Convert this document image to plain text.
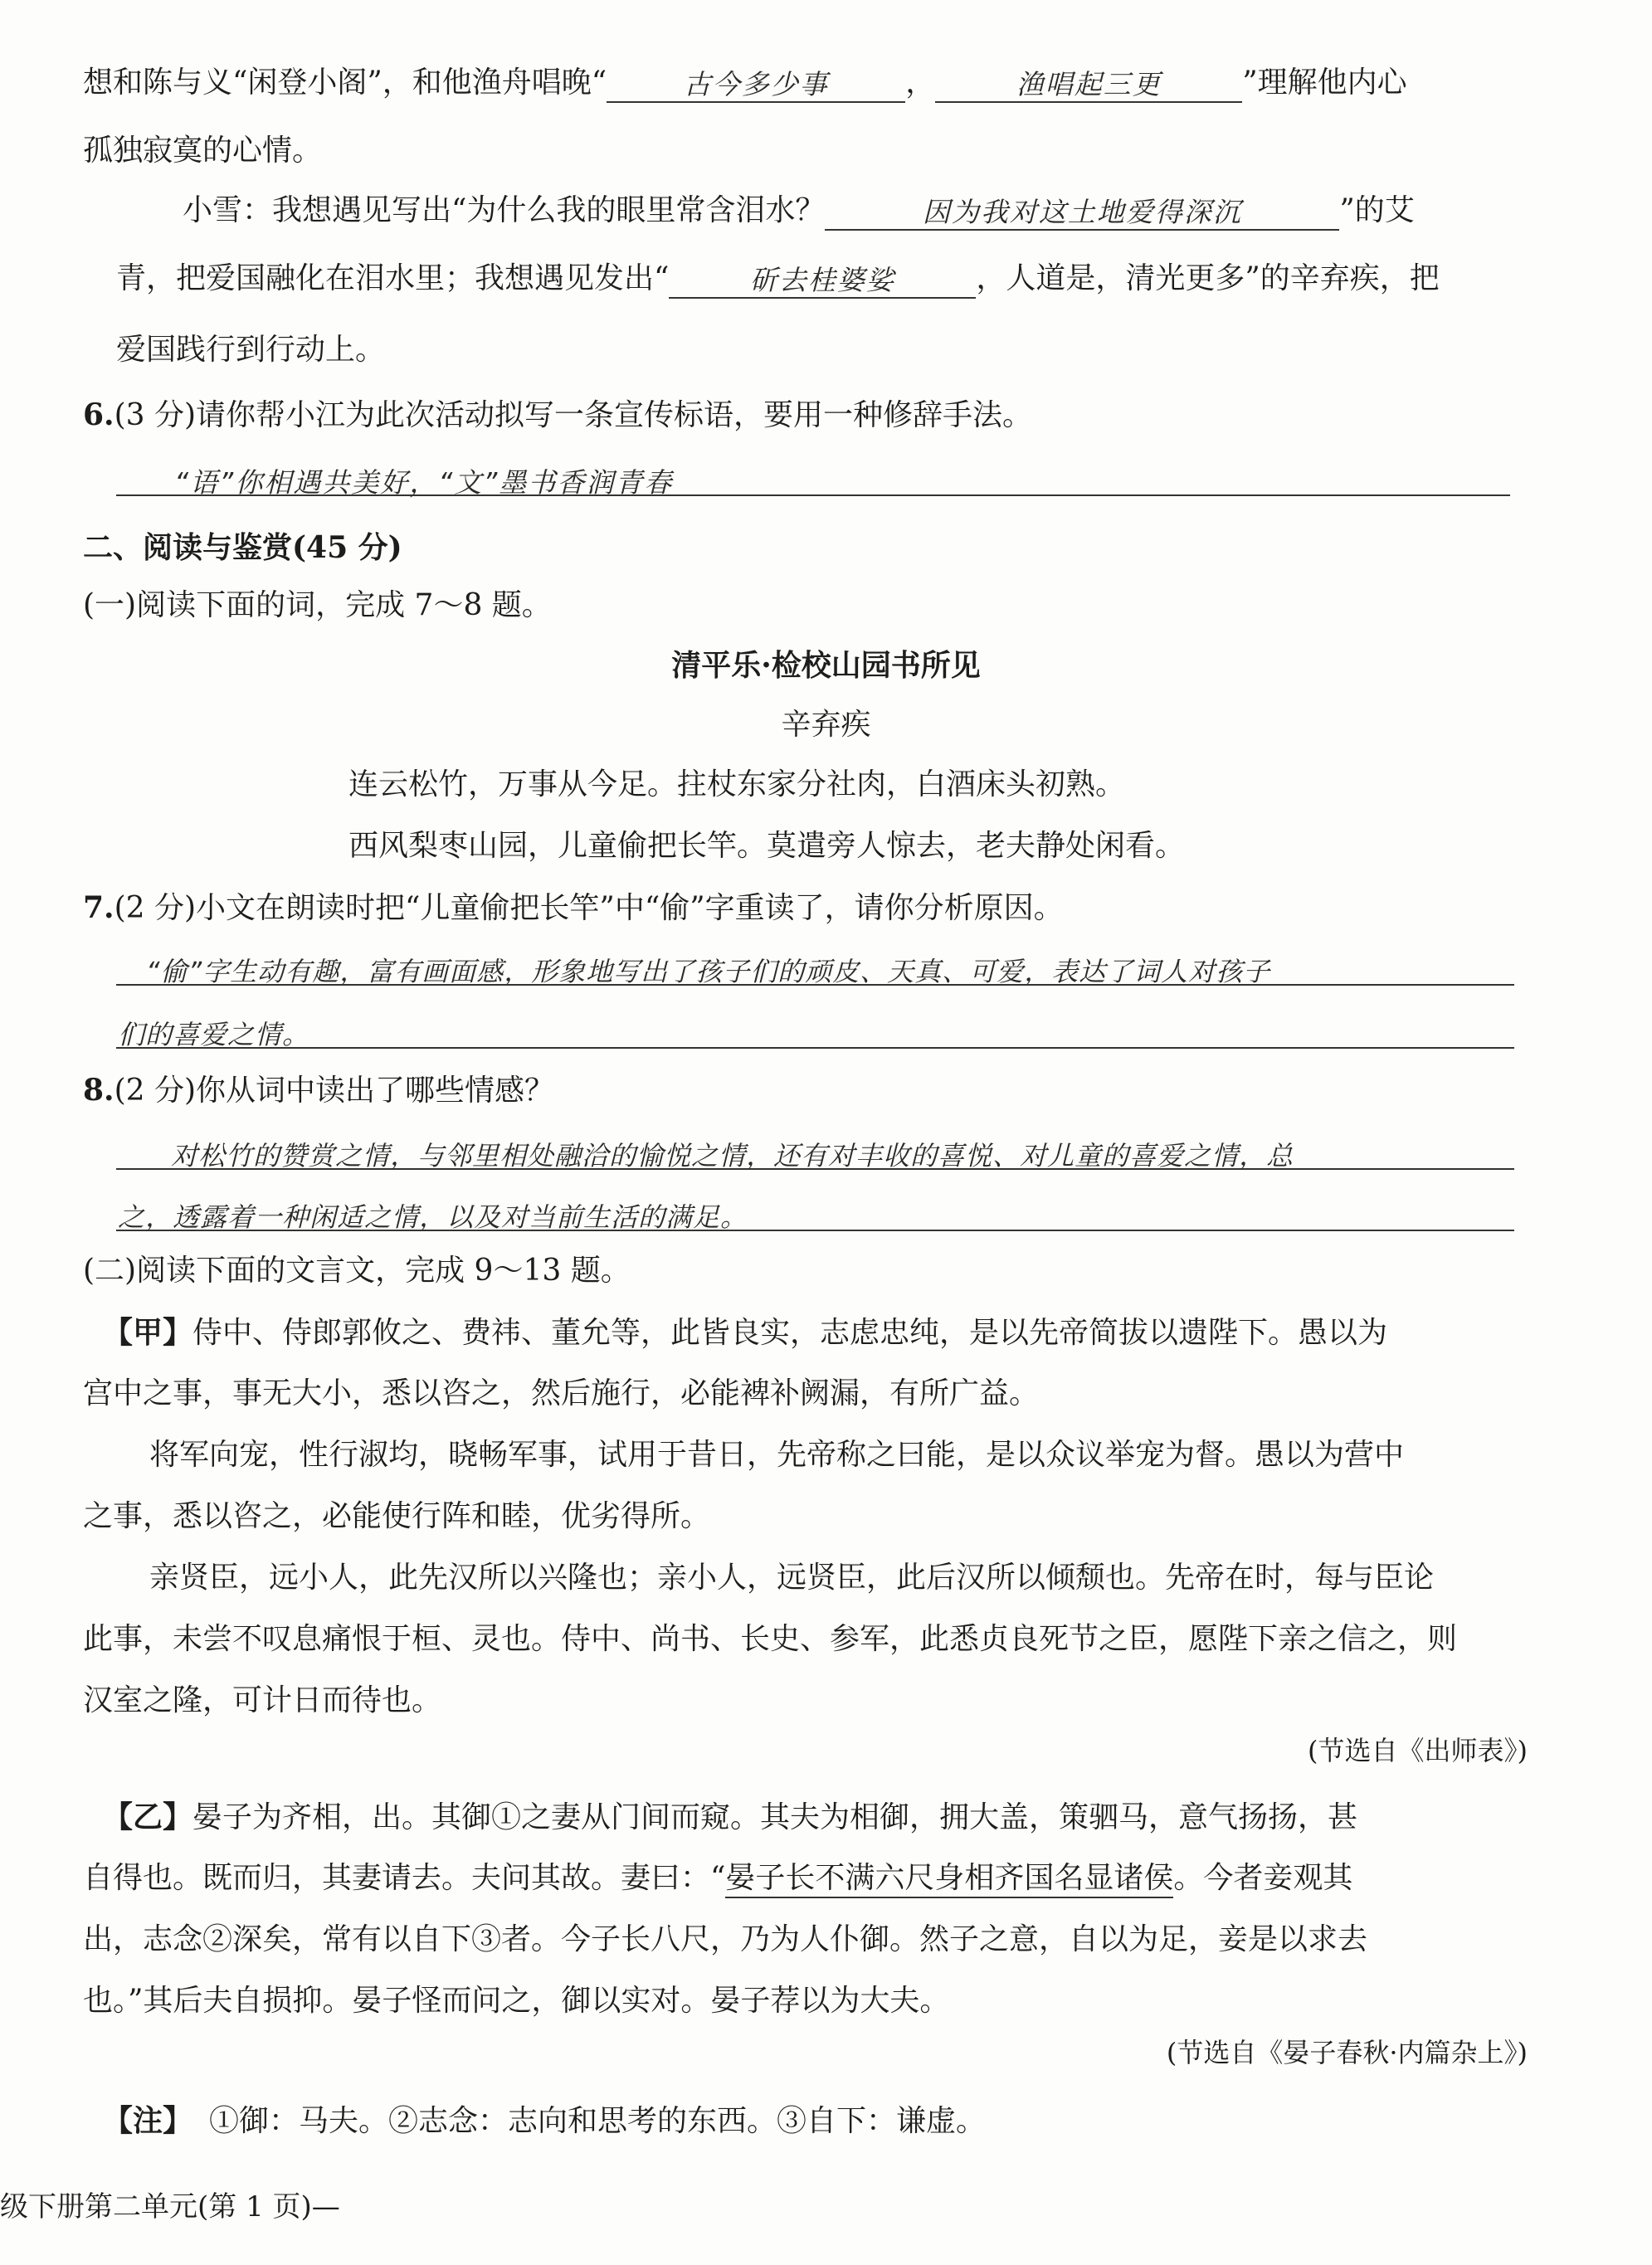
想和陈与义“闲登小阁”，和他渔舟唱晚“	古今多少事	，	渔唱起三更	”理解他内心
孤独寂寞的心情。
小雪：我想遇见写出“为什么我的眼里常含泪水？	因为我对这土地爱得深沉	”的艾
青，把爱国融化在泪水里；我想遇见发出“	斫去桂婆娑	，人道是，清光更多”的辛弃疾，把
爱国践行到行动上。
6.(3 分)请你帮小江为此次活动拟写一条宣传标语，要用一种修辞手法。
“语”你相遇共美好，“文”墨书香润青春
二、阅读与鉴赏(45 分)
(一)阅读下面的词，完成 7～8 题。
清平乐·检校山园书所见
辛弃疾
连云松竹，万事从今足。拄杖东家分社肉，白酒床头初熟。
西风梨枣山园，儿童偷把长竿。莫遣旁人惊去，老夫静处闲看。
7.(2 分)小文在朗读时把“儿童偷把长竿”中“偷”字重读了，请你分析原因。
“偷”字生动有趣，富有画面感，形象地写出了孩子们的顽皮、天真、可爱，表达了词人对孩子
们的喜爱之情。
8.(2 分)你从词中读出了哪些情感？
对松竹的赞赏之情，与邻里相处融洽的愉悦之情，还有对丰收的喜悦、对儿童的喜爱之情，总
之，透露着一种闲适之情，以及对当前生活的满足。
(二)阅读下面的文言文，完成 9～13 题。
【甲】侍中、侍郎郭攸之、费祎、董允等，此皆良实，志虑忠纯，是以先帝简拔以遗陛下。愚以为
宫中之事，事无大小，悉以咨之，然后施行，必能裨补阙漏，有所广益。
将军向宠，性行淑均，晓畅军事，试用于昔日，先帝称之曰能，是以众议举宠为督。愚以为营中
之事，悉以咨之，必能使行阵和睦，优劣得所。
亲贤臣，远小人，此先汉所以兴隆也；亲小人，远贤臣，此后汉所以倾颓也。先帝在时，每与臣论
此事，未尝不叹息痛恨于桓、灵也。侍中、尚书、长史、参军，此悉贞良死节之臣，愿陛下亲之信之，则
汉室之隆，可计日而待也。
(节选自《出师表》)
【乙】晏子为齐相，出。其御①之妻从门间而窥。其夫为相御，拥大盖，策驷马，意气扬扬，甚
自得也。既而归，其妻请去。夫问其故。妻曰：“晏子长不满六尺身相齐国名显诸侯。今者妾观其
出，志念②深矣，常有以自下③者。今子长八尺，乃为人仆御。然子之意，自以为足，妾是以求去
也。”其后夫自损抑。晏子怪而问之，御以实对。晏子荐以为大夫。
(节选自《晏子春秋·内篇杂上》)
【注】 ①御：马夫。②志念：志向和思考的东西。③自下：谦虚。
级下册第二单元(第 1 页)—
